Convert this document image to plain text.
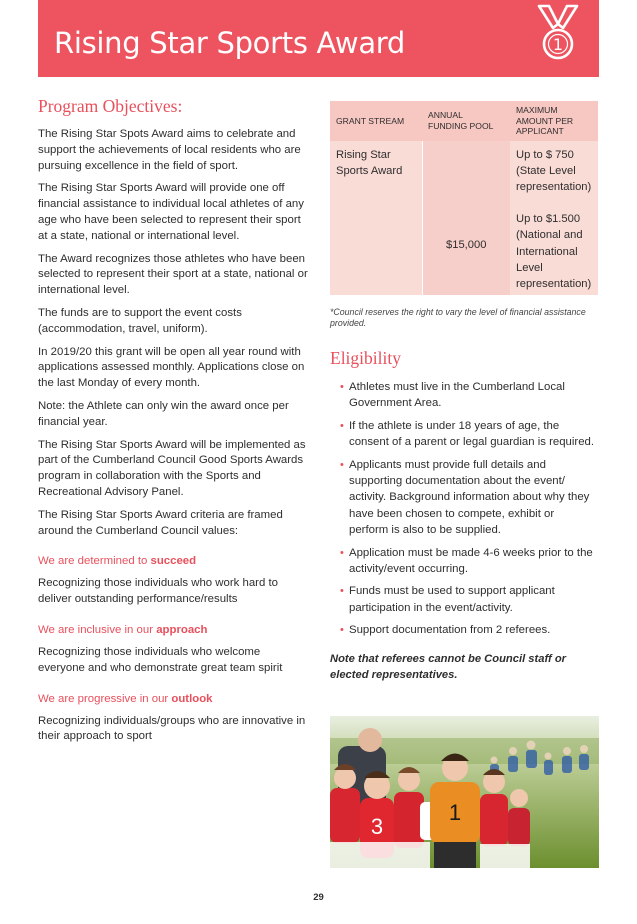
Rising Star Sports Award	1
Program Objectives:

The Rising Star Spots Award aims to celebrate and support the achievements of local residents who are pursuing excellence in the field of sport.

The Rising Star Sports Award will provide one off financial assistance to individual local athletes of any age who have been selected to represent their sport at a state, national or international level.

The Award recognizes those athletes who have been selected to represent their sport at a state, national or international level.

The funds are to support the event costs (accommodation, travel, uniform).

In 2019/20 this grant will be open all year round with applications assessed monthly. Applications close on the last Monday of every month.

Note: the Athlete can only win the award once per financial year.

The Rising Star Sports Award will be implemented as part of the Cumberland Council Good Sports Awards program in collaboration with the Sports and Recreational Advisory Panel.

The Rising Star Sports Award criteria are framed around the Cumberland Council values:

We are determined to succeed

Recognizing those individuals who work hard to deliver outstanding performance/results

We are inclusive in our approach

Recognizing those individuals who welcome everyone and who demonstrate great team spirit

We are progressive in our outlook

Recognizing individuals/groups who are innovative in their approach to sport

GRANT STREAM	ANNUAL FUNDING POOL	MAXIMUM AMOUNT PER APPLICANT
Rising Star Sports Award	$15,000	Up to $ 750 (State Level representation)
Up to $1.500 (National and International Level representation)
*Council reserves the right to vary the level of financial assistance provided.
Eligibility
• Athletes must live in the Cumberland Local Government Area.
• If the athlete is under 18 years of age, the consent of a parent or legal guardian is required.
• Applicants must provide full details and supporting documentation about the event/ activity. Background information about why they have been chosen to compete, exhibit or perform is also to be supplied.
• Application must be made 4-6 weeks prior to the activity/event occurring.
• Funds must be used to support applicant participation in the event/activity.
• Support documentation from 2 referees.
Note that referees cannot be Council staff or elected representatives.
3
1
29
